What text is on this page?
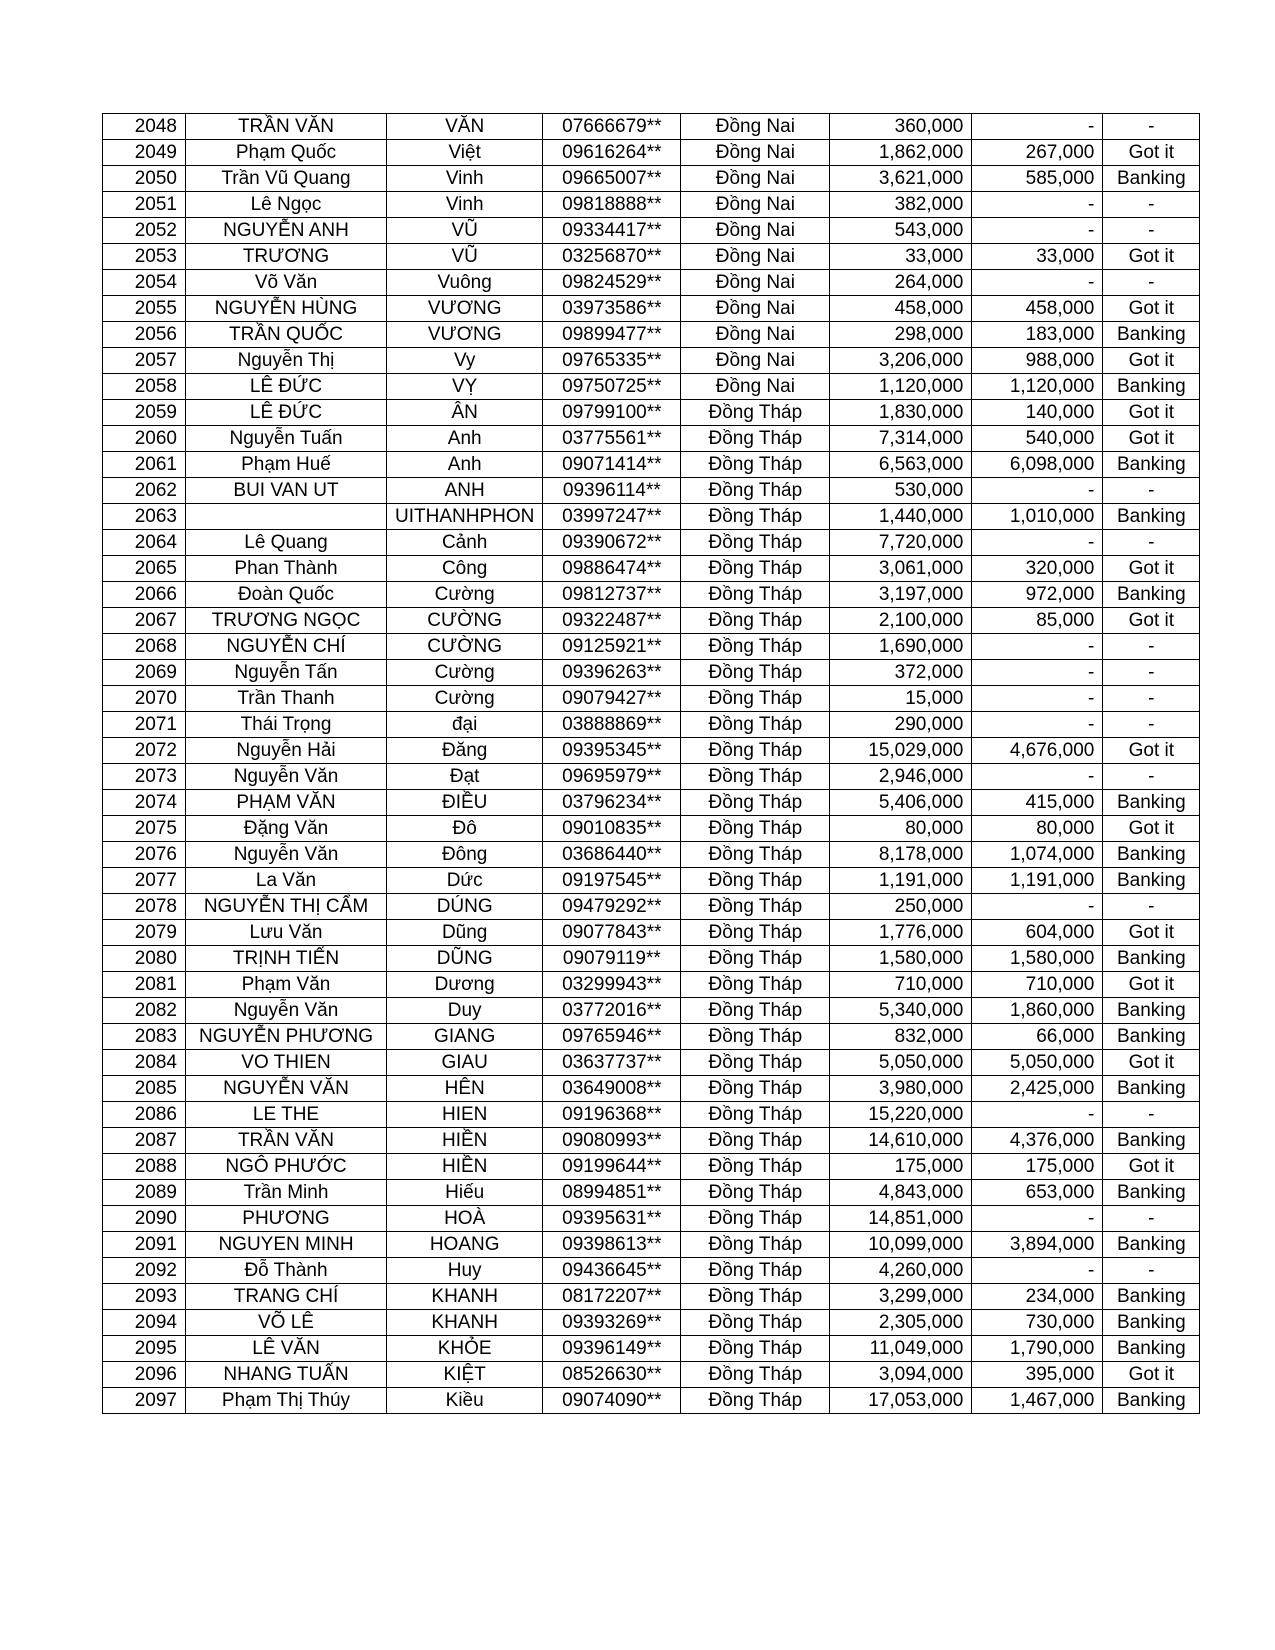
2048	TRẦN VĂN	VĂN	07666679**	Đồng Nai	360,000	-	-
2049	Phạm Quốc	Việt	09616264**	Đồng Nai	1,862,000	267,000	Got it
2050	Trần Vũ Quang	Vinh	09665007**	Đồng Nai	3,621,000	585,000	Banking
2051	Lê Ngọc	Vinh	09818888**	Đồng Nai	382,000	-	-
2052	NGUYỄN ANH	VŨ	09334417**	Đồng Nai	543,000	-	-
2053	TRƯƠNG	VŨ	03256870**	Đồng Nai	33,000	33,000	Got it
2054	Võ Văn	Vuông	09824529**	Đồng Nai	264,000	-	-
2055	NGUYỄN HÙNG	VƯƠNG	03973586**	Đồng Nai	458,000	458,000	Got it
2056	TRẦN QUỐC	VƯƠNG	09899477**	Đồng Nai	298,000	183,000	Banking
2057	Nguyễn Thị	Vy	09765335**	Đồng Nai	3,206,000	988,000	Got it
2058	LÊ ĐỨC	VỴ	09750725**	Đồng Nai	1,120,000	1,120,000	Banking
2059	LÊ ĐỨC	ÂN	09799100**	Đồng Tháp	1,830,000	140,000	Got it
2060	Nguyễn Tuấn	Anh	03775561**	Đồng Tháp	7,314,000	540,000	Got it
2061	Phạm Huế	Anh	09071414**	Đồng Tháp	6,563,000	6,098,000	Banking
2062	BUI VAN UT	ANH	09396114**	Đồng Tháp	530,000	-	-
2063		UITHANHPHON	03997247**	Đồng Tháp	1,440,000	1,010,000	Banking
2064	Lê Quang	Cảnh	09390672**	Đồng Tháp	7,720,000	-	-
2065	Phan Thành	Công	09886474**	Đồng Tháp	3,061,000	320,000	Got it
2066	Đoàn Quốc	Cường	09812737**	Đồng Tháp	3,197,000	972,000	Banking
2067	TRƯƠNG NGỌC	CƯỜNG	09322487**	Đồng Tháp	2,100,000	85,000	Got it
2068	NGUYỄN CHÍ	CƯỜNG	09125921**	Đồng Tháp	1,690,000	-	-
2069	Nguyễn Tấn	Cường	09396263**	Đồng Tháp	372,000	-	-
2070	Trần Thanh	Cường	09079427**	Đồng Tháp	15,000	-	-
2071	Thái Trọng	đại	03888869**	Đồng Tháp	290,000	-	-
2072	Nguyễn Hải	Đăng	09395345**	Đồng Tháp	15,029,000	4,676,000	Got it
2073	Nguyễn Văn	Đạt	09695979**	Đồng Tháp	2,946,000	-	-
2074	PHẠM VĂN	ĐIỀU	03796234**	Đồng Tháp	5,406,000	415,000	Banking
2075	Đặng Văn	Đô	09010835**	Đồng Tháp	80,000	80,000	Got it
2076	Nguyễn Văn	Đông	03686440**	Đồng Tháp	8,178,000	1,074,000	Banking
2077	La Văn	Dức	09197545**	Đồng Tháp	1,191,000	1,191,000	Banking
2078	NGUYỄN THỊ CẨM	DÚNG	09479292**	Đồng Tháp	250,000	-	-
2079	Lưu Văn	Dũng	09077843**	Đồng Tháp	1,776,000	604,000	Got it
2080	TRỊNH TIẾN	DŨNG	09079119**	Đồng Tháp	1,580,000	1,580,000	Banking
2081	Phạm Văn	Dương	03299943**	Đồng Tháp	710,000	710,000	Got it
2082	Nguyễn Văn	Duy	03772016**	Đồng Tháp	5,340,000	1,860,000	Banking
2083	NGUYỄN PHƯƠNG	GIANG	09765946**	Đồng Tháp	832,000	66,000	Banking
2084	VO THIEN	GIAU	03637737**	Đồng Tháp	5,050,000	5,050,000	Got it
2085	NGUYỄN VĂN	HÊN	03649008**	Đồng Tháp	3,980,000	2,425,000	Banking
2086	LE THE	HIEN	09196368**	Đồng Tháp	15,220,000	-	-
2087	TRẦN VĂN	HIỀN	09080993**	Đồng Tháp	14,610,000	4,376,000	Banking
2088	NGÔ PHƯỚC	HIỀN	09199644**	Đồng Tháp	175,000	175,000	Got it
2089	Trần Minh	Hiếu	08994851**	Đồng Tháp	4,843,000	653,000	Banking
2090	PHƯƠNG	HOÀ	09395631**	Đồng Tháp	14,851,000	-	-
2091	NGUYEN MINH	HOANG	09398613**	Đồng Tháp	10,099,000	3,894,000	Banking
2092	Đỗ Thành	Huy	09436645**	Đồng Tháp	4,260,000	-	-
2093	TRANG CHÍ	KHANH	08172207**	Đồng Tháp	3,299,000	234,000	Banking
2094	VÕ LÊ	KHANH	09393269**	Đồng Tháp	2,305,000	730,000	Banking
2095	LÊ VĂN	KHỎE	09396149**	Đồng Tháp	11,049,000	1,790,000	Banking
2096	NHANG TUẤN	KIỆT	08526630**	Đồng Tháp	3,094,000	395,000	Got it
2097	Phạm Thị Thúy	Kiều	09074090**	Đồng Tháp	17,053,000	1,467,000	Banking
